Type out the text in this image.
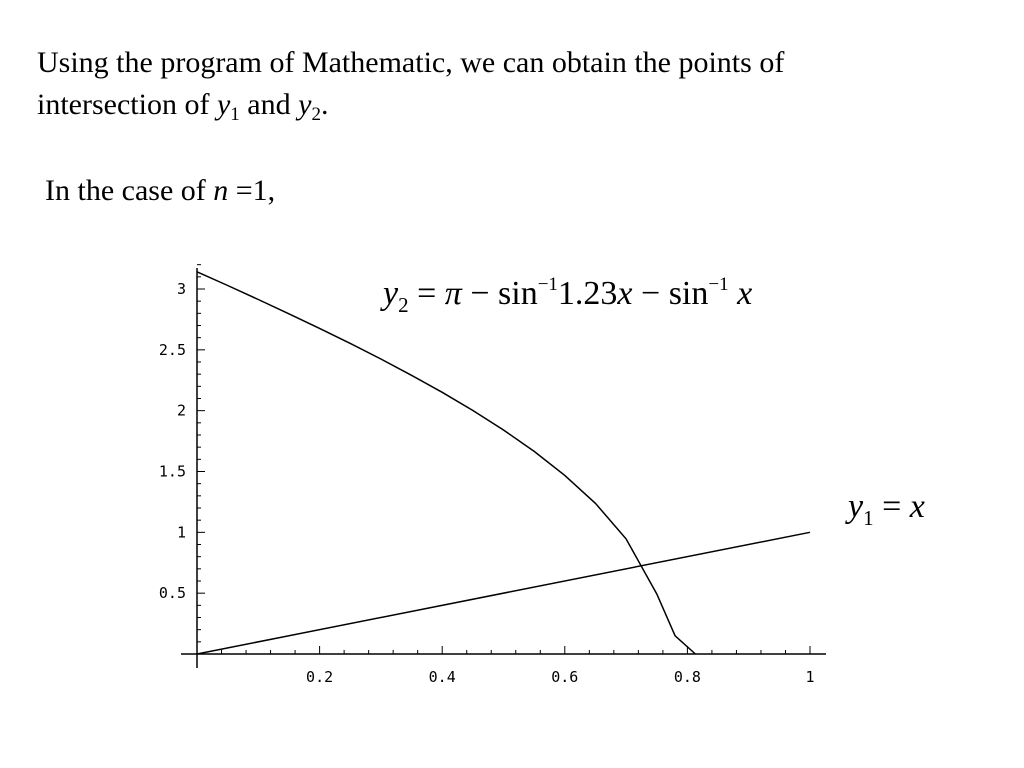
Using the program of Mathematic, we can obtain the points of
intersection of $y_1$ and $y_2$.
In the case of n =1,
0.2	0.4	0.6	0.8	1
0.5
1
1.5
2
2.5
3	$y_2 = \pi - \sin^{-1}1.23x - \sin^{-1} x$
$y_1 = x$
